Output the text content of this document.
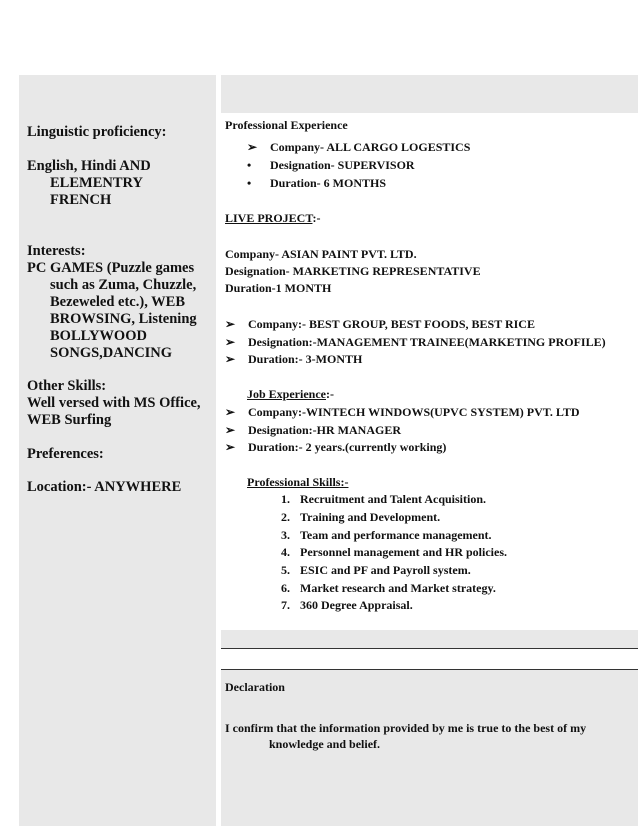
Linguistic proficiency:
English, Hindi AND
ELEMENTRY
FRENCH
Interests:
PC GAMES (Puzzle games
such as Zuma, Chuzzle,
Bezeweled etc.), WEB
BROWSING, Listening
BOLLYWOOD
SONGS,DANCING
Other Skills:
Well versed with MS Office,
WEB Surfing
Preferences:
Location:- ANYWHERE
Professional Experience
➢ Company- ALL CARGO LOGESTICS
• Designation- SUPERVISOR
• Duration- 6 MONTHS
LIVE PROJECT:-
Company- ASIAN PAINT PVT. LTD.
Designation- MARKETING REPRESENTATIVE
Duration-1 MONTH
➢ Company:- BEST GROUP, BEST FOODS, BEST RICE
➢ Designation:-MANAGEMENT TRAINEE(MARKETING PROFILE)
➢ Duration:- 3-MONTH
Job Experience:-
➢ Company:-WINTECH WINDOWS(UPVC SYSTEM) PVT. LTD
➢ Designation:-HR MANAGER
➢ Duration:- 2 years.(currently working)
Professional Skills:-
1. Recruitment and Talent Acquisition.
2. Training and Development.
3. Team and performance management.
4. Personnel management and HR policies.
5. ESIC and PF and Payroll system.
6. Market research and Market strategy.
7. 360 Degree Appraisal.
Declaration
I confirm that the information provided by me is true to the best of my
knowledge and belief.
